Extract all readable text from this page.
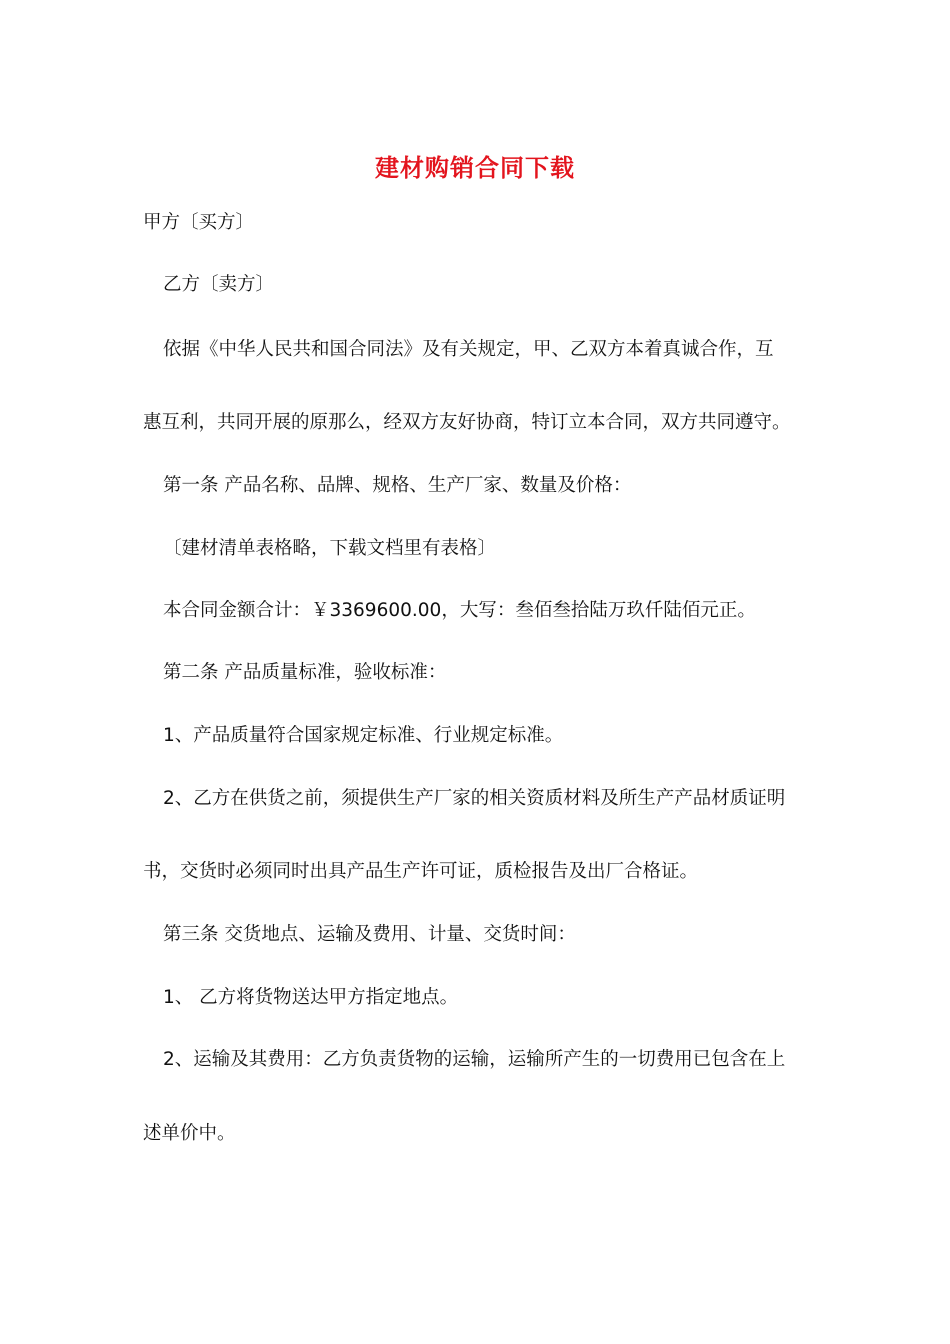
建材购销合同下载
甲方〔买方〕
乙方〔卖方〕
依据《中华人民共和国合同法》及有关规定，甲、乙双方本着真诚合作，互
惠互利，共同开展的原那么，经双方友好协商，特订立本合同，双方共同遵守。
第一条 产品名称、品牌、规格、生产厂家、数量及价格：
〔建材清单表格略，下载文档里有表格〕
本合同金额合计：￥3369600.00，大写：叁佰叁拾陆万玖仟陆佰元正。
第二条 产品质量标准，验收标准：
1、产品质量符合国家规定标准、行业规定标准。
2、乙方在供货之前，须提供生产厂家的相关资质材料及所生产产品材质证明
书，交货时必须同时出具产品生产许可证，质检报告及出厂合格证。
第三条 交货地点、运输及费用、计量、交货时间：
1、 乙方将货物送达甲方指定地点。
2、运输及其费用：乙方负责货物的运输，运输所产生的一切费用已包含在上
述单价中。
